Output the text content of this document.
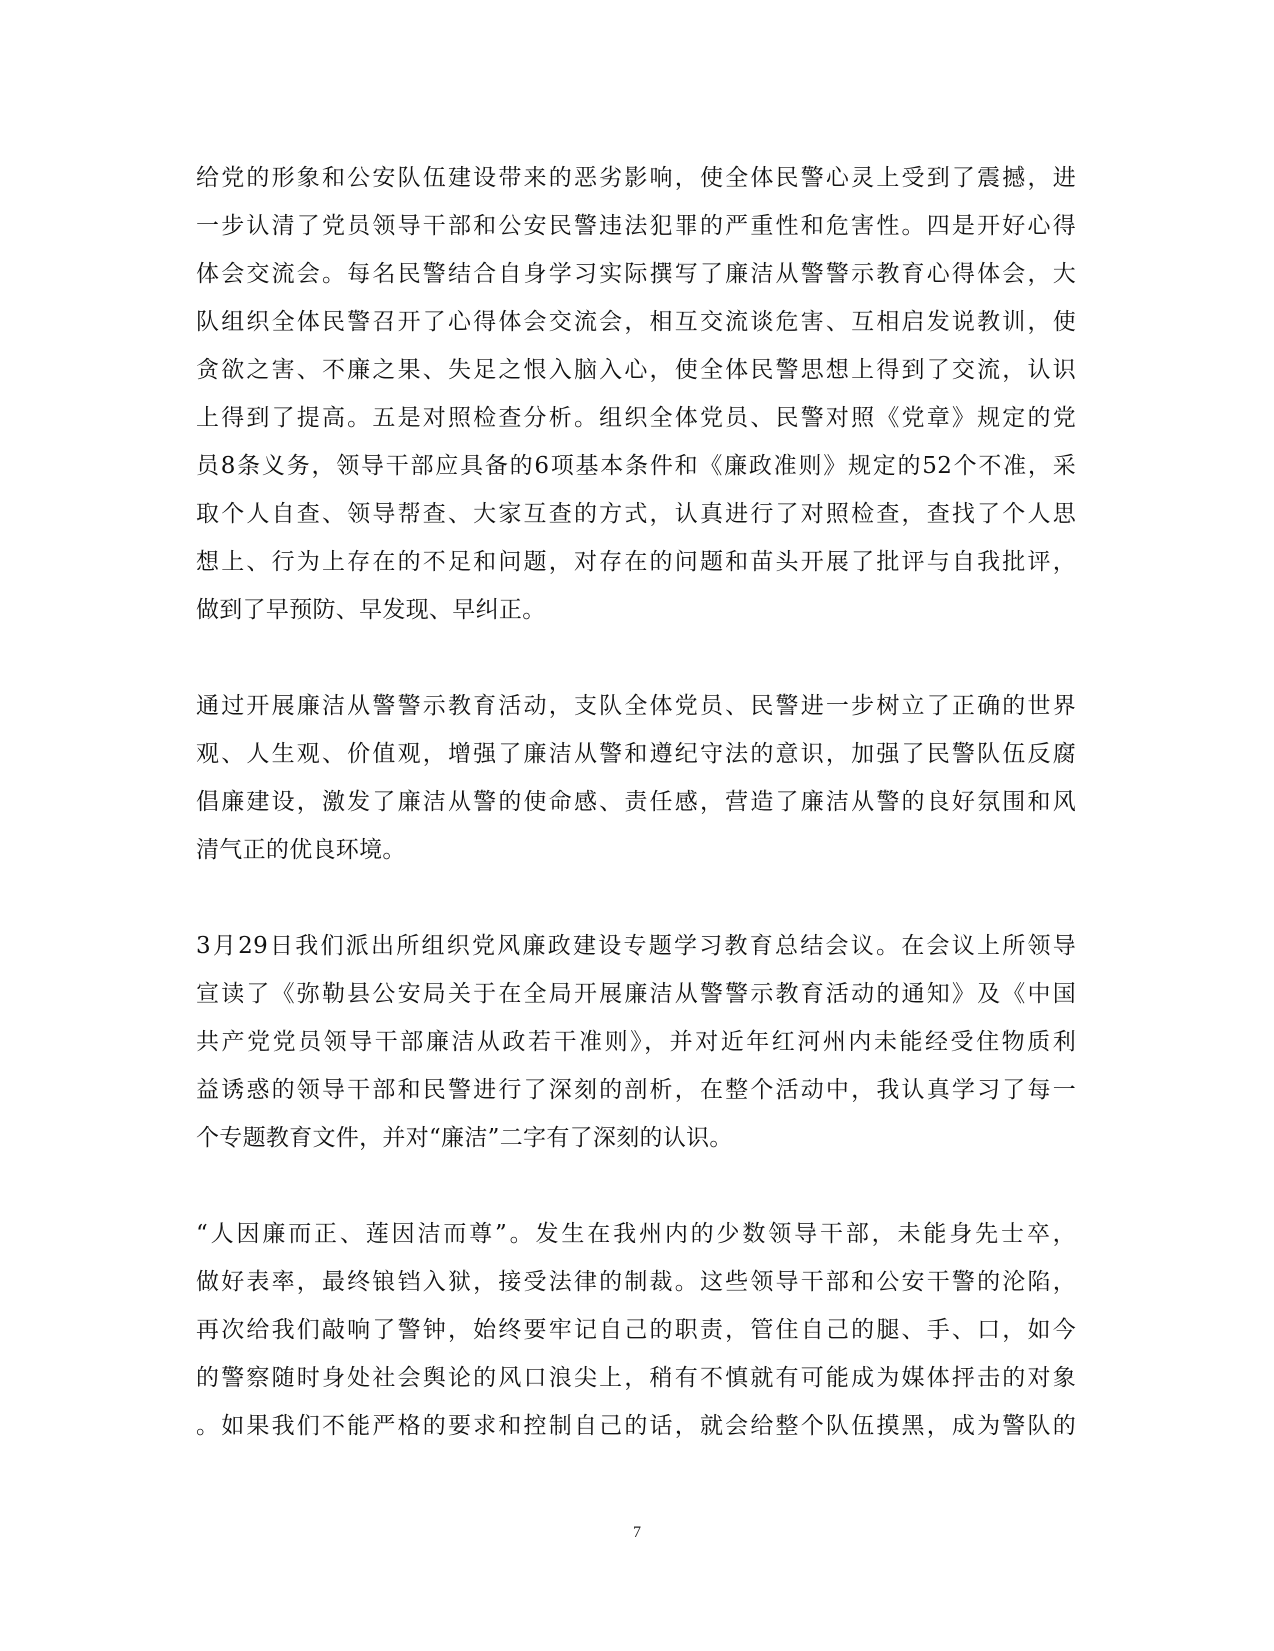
给党的形象和公安队伍建设带来的恶劣影响，使全体民警心灵上受到了震撼，进
一步认清了党员领导干部和公安民警违法犯罪的严重性和危害性。四是开好心得
体会交流会。每名民警结合自身学习实际撰写了廉洁从警警示教育心得体会，大
队组织全体民警召开了心得体会交流会，相互交流谈危害、互相启发说教训，使
贪欲之害、不廉之果、失足之恨入脑入心，使全体民警思想上得到了交流，认识
上得到了提高。五是对照检查分析。组织全体党员、民警对照《党章》规定的党
员8条义务，领导干部应具备的6项基本条件和《廉政准则》规定的52个不准，采
取个人自查、领导帮查、大家互查的方式，认真进行了对照检查，查找了个人思
想上、行为上存在的不足和问题，对存在的问题和苗头开展了批评与自我批评，
做到了早预防、早发现、早纠正。

通过开展廉洁从警警示教育活动，支队全体党员、民警进一步树立了正确的世界
观、人生观、价值观，增强了廉洁从警和遵纪守法的意识，加强了民警队伍反腐
倡廉建设，激发了廉洁从警的使命感、责任感，营造了廉洁从警的良好氛围和风
清气正的优良环境。

3月29日我们派出所组织党风廉政建设专题学习教育总结会议。在会议上所领导
宣读了《弥勒县公安局关于在全局开展廉洁从警警示教育活动的通知》及《中国
共产党党员领导干部廉洁从政若干准则》，并对近年红河州内未能经受住物质利
益诱惑的领导干部和民警进行了深刻的剖析，在整个活动中，我认真学习了每一
个专题教育文件，并对“廉洁”二字有了深刻的认识。

“人因廉而正、莲因洁而尊”。发生在我州内的少数领导干部，未能身先士卒，
做好表率，最终锒铛入狱，接受法律的制裁。这些领导干部和公安干警的沦陷，
再次给我们敲响了警钟，始终要牢记自己的职责，管住自己的腿、手、口，如今
的警察随时身处社会舆论的风口浪尖上，稍有不慎就有可能成为媒体抨击的对象
。如果我们不能严格的要求和控制自己的话，就会给整个队伍摸黑，成为警队的

7
